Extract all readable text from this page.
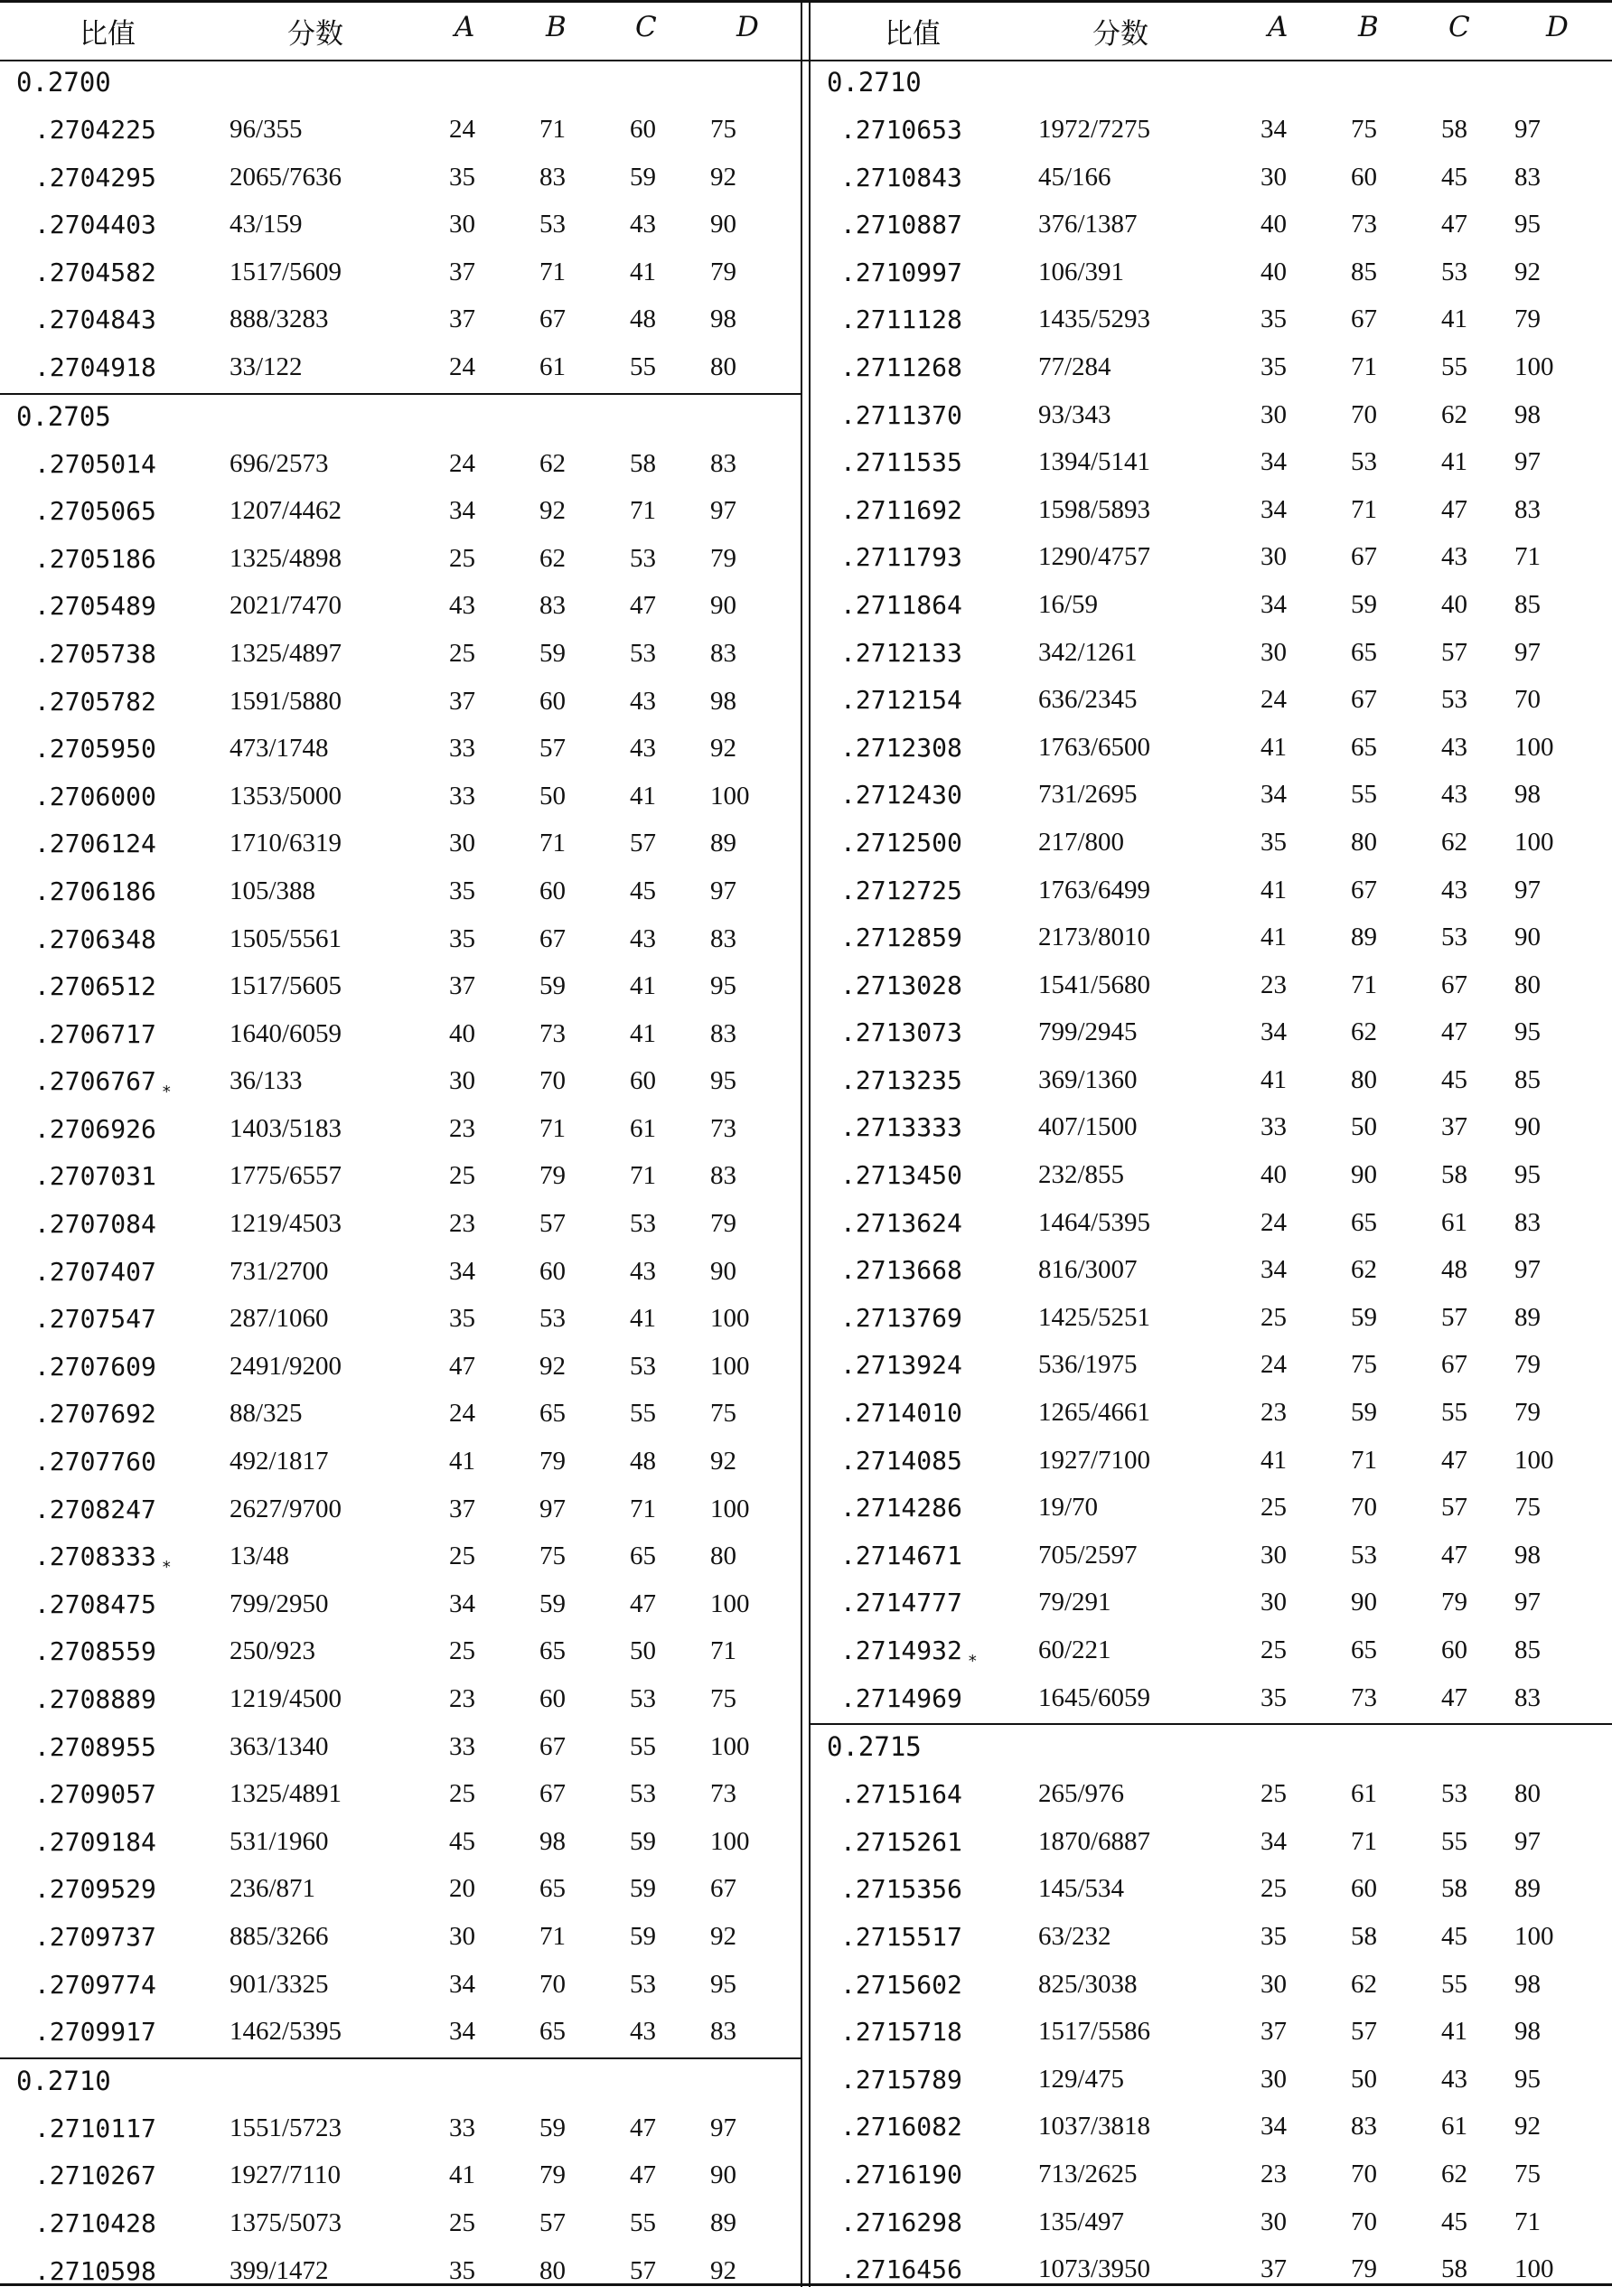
比值	分数	A	B C	D
0.2700
.2704225	96/355	24 71 60 75
.2704295	2065/7636	35 83 59 92
.2704403	43/159	30 53 43 90
.2704582	1517/5609	37 71 41 79
.2704843	888/3283	37 67 48 98
.2704918	33/122	24 61 55 80
0.2705
.2705014	696/2573	24 62 58 83
.2705065	1207/4462	34 92 71 97
.2705186	1325/4898	25 62 53 79
.2705489	2021/7470	43 83 47 90
.2705738	1325/4897	25 59 53 83
.2705782	1591/5880	37 60 43 98
.2705950	473/1748	33 57 43 92
.2706000	1353/5000	33 50 41 100
.2706124	1710/6319	30 71 57 89
.2706186	105/388	35 60 45 97
.2706348	1505/5561	35 67 43 83
.2706512	1517/5605	37 59 41 95
.2706717	1640/6059	40 73 41 83
.2706767 $_*$ 36/133	30 70 60 95
.2706926	1403/5183	23 71 61 73
.2707031	1775/6557	25 79 71 83
.2707084	1219/4503	23 57 53 79
.2707407	731/2700	34 60 43 90
.2707547	287/1060	35 53 41 100
.2707609	2491/9200	47 92 53 100
.2707692	88/325	24 65 55 75
.2707760	492/1817	41 79 48 92
.2708247	2627/9700	37 97 71 100
.2708333 $_*$ 13/48	25 75 65 80
.2708475	799/2950	34 59 47 100
.2708559	250/923	25 65 50 71
.2708889	1219/4500	23 60 53 75
.2708955	363/1340	33 67 55 100
.2709057	1325/4891	25 67 53 73
.2709184	531/1960	45 98 59 100
.2709529	236/871	20 65 59 67
.2709737	885/3266	30 71 59 92
.2709774	901/3325	34 70 53 95
.2709917	1462/5395	34 65 43 83
0.2710
.2710117	1551/5723	33 59 47 97
.2710267	1927/7110	41 79 47 90
.2710428	1375/5073	25 57 55 89
.2710598	399/1472	35 80 57 92
比值	分数	A	B C	D
0.2710
.2710653	1972/7275	34 75 58 97
.2710843	45/166	30 60 45 83
.2710887	376/1387	40 73 47 95
.2710997	106/391	40 85 53 92
.2711128	1435/5293	35 67 41 79
.2711268	77/284	35 71 55 100
.2711370	93/343	30 70 62 98
.2711535	1394/5141	34 53 41 97
.2711692	1598/5893	34 71 47 83
.2711793	1290/4757	30 67 43 71
.2711864	16/59	34 59 40 85
.2712133	342/1261	30 65 57 97
.2712154	636/2345	24 67 53 70
.2712308	1763/6500	41 65 43 100
.2712430	731/2695	34 55 43 98
.2712500	217/800	35 80 62 100
.2712725	1763/6499	41 67 43 97
.2712859	2173/8010	41 89 53 90
.2713028	1541/5680	23 71 67 80
.2713073	799/2945	34 62 47 95
.2713235	369/1360	41 80 45 85
.2713333	407/1500	33 50 37 90
.2713450	232/855	40 90 58 95
.2713624	1464/5395	24 65 61 83
.2713668	816/3007	34 62 48 97
.2713769	1425/5251	25 59 57 89
.2713924	536/1975	24 75 67 79
.2714010	1265/4661	23 59 55 79
.2714085	1927/7100	41 71 47 100
.2714286	19/70	25 70 57 75
.2714671	705/2597	30 53 47 98
.2714777	79/291	30 90 79 97
.2714932 $_*$ 60/221	25 65 60 85
.2714969	1645/6059	35 73 47 83
0.2715
.2715164	265/976	25 61 53 80
.2715261	1870/6887	34 71 55 97
.2715356	145/534	25 60 58 89
.2715517	63/232	35 58 45 100
.2715602	825/3038	30 62 55 98
.2715718	1517/5586	37 57 41 98
.2715789	129/475	30 50 43 95
.2716082	1037/3818	34 83 61 92
.2716190	713/2625	23 70 62 75
.2716298	135/497	30 70 45 71
.2716456	1073/3950	37 79 58 100
